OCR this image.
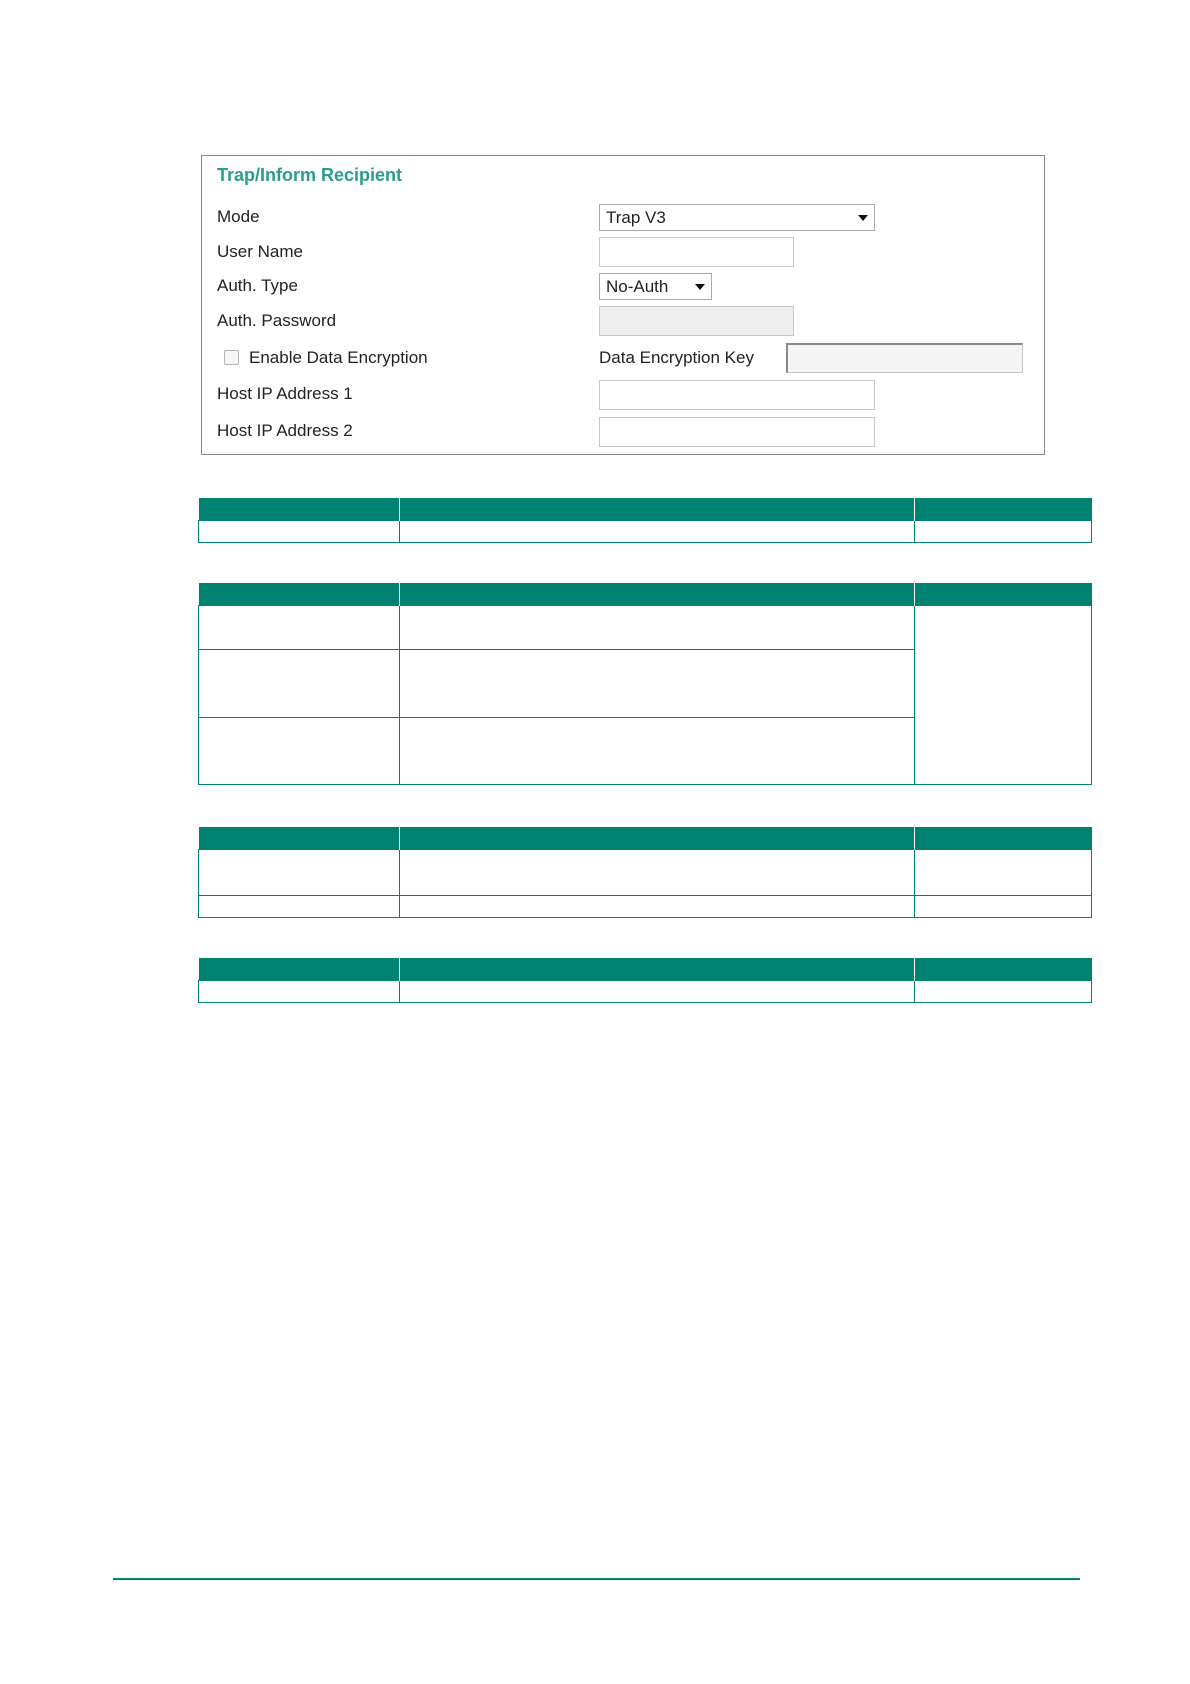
Trap/Inform Recipient
Mode	Trap V3
User Name
Auth. Type	No-Auth
Auth. Password
Enable Data Encryption	Data Encryption Key
Host IP Address 1
Host IP Address 2
